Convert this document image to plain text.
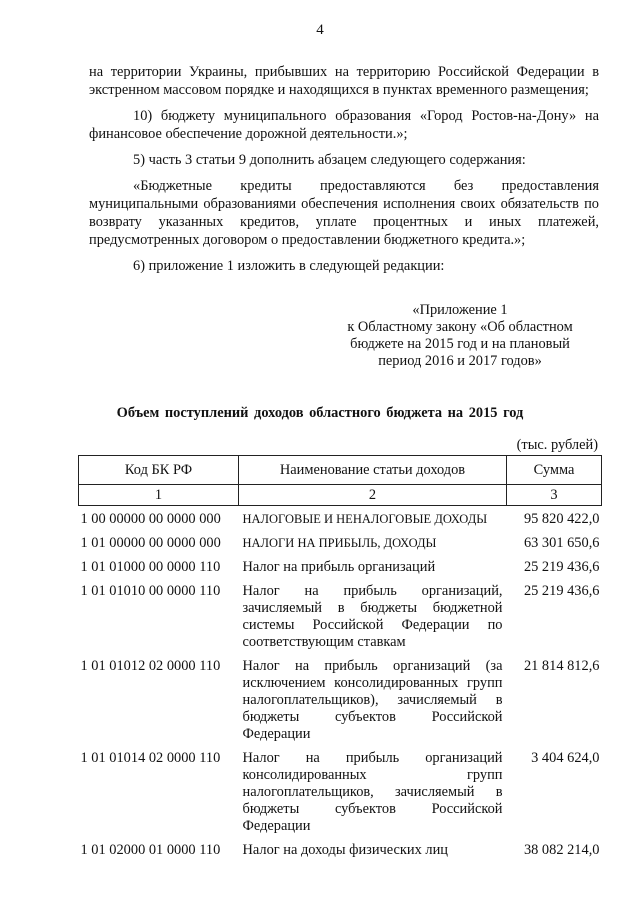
4

на территории Украины, прибывших на территорию Российской Федерации в экстренном массовом порядке и находящихся в пунктах временного размещения;

10) бюджету муниципального образования «Город Ростов-на-Дону» на финансовое обеспечение дорожной деятельности.»;

5) часть 3 статьи 9 дополнить абзацем следующего содержания:

«Бюджетные кредиты предоставляются без предоставления муниципальными образованиями обеспечения исполнения своих обязательств по возврату указанных кредитов, уплате процентных и иных платежей, предусмотренных договором о предоставлении бюджетного кредита.»;

6) приложение 1 изложить в следующей редакции:

«Приложение 1
к Областному закону «Об областном
бюджете на 2015 год и на плановый
период 2016 и 2017 годов»
Объем поступлений доходов областного бюджета на 2015 год
(тыс. рублей)
Код БК РФ	Наименование статьи доходов	Сумма
1	2	3
1 00 00000 00 0000 000	НАЛОГОВЫЕ И НЕНАЛОГОВЫЕ ДОХОДЫ	95 820 422,0
1 01 00000 00 0000 000	НАЛОГИ НА ПРИБЫЛЬ, ДОХОДЫ	63 301 650,6
1 01 01000 00 0000 110	Налог на прибыль организаций	25 219 436,6
1 01 01010 00 0000 110	Налог на прибыль организаций, зачисляемый в бюджеты бюджетной системы Российской Федерации по соответствующим ставкам	25 219 436,6
1 01 01012 02 0000 110	Налог на прибыль организаций (за исключением консолидированных групп налогоплательщиков), зачисляемый в бюджеты субъектов Российской Федерации	21 814 812,6
1 01 01014 02 0000 110	Налог на прибыль организаций консолидированных групп налогоплательщиков, зачисляемый в бюджеты субъектов Российской Федерации	3 404 624,0
1 01 02000 01 0000 110	Налог на доходы физических лиц	38 082 214,0
